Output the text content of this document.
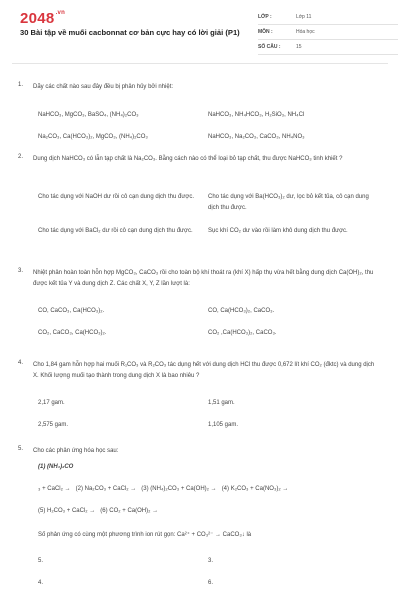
$2048^{.vn}$
30 Bài tập về muối cacbonnat cơ bản cực hay có lời giải (P1)
LỚP :	Lớp 11
MÔN :	Hóa học
SỐ CÂU :	15
1. Dãy các chất nào sau đây đều bị phân hủy bởi nhiệt:
NaHCO₃, MgCO₃, BaSO₄, (NH₄)₂CO₃	NaHCO₃, NH₄HCO₃, H₂SiO₃, NH₄Cl
Na₂CO₃, Ca(HCO₃)₂, MgCO₃, (NH₄)₂CO₃	NaHCO₃, Na₂CO₃, CaCO₃, NH₄NO₃
2. Dung dịch NaHCO₃ có lẫn tạp chất là Na₂CO₃. Bằng cách nào có thể loại bỏ tạp chất, thu được NaHCO₃ tinh khiết ?
Cho tác dụng với NaOH dư rồi cô cạn dung dịch thu được.	Cho tác dụng với Ba(HCO₃)₂ dư, lọc bỏ kết tủa, cô cạn dung dịch thu được.
Cho tác dụng với BaCl₂ dư rồi cô cạn dung dịch thu được.	Sục khí CO₂ dư vào rồi làm khô dung dịch thu được.
3. Nhiệt phân hoàn toàn hỗn hợp MgCO₃, CaCO₃ rồi cho toàn bộ khí thoát ra (khí X) hấp thụ vừa hết bằng dung dịch Ca(OH)₂, thu được kết tủa Y và dung dịch Z. Các chất X, Y, Z lần lượt là:
CO, CaCO₃, Ca(HCO₃)₂.	CO, Ca(HCO₃)₂, CaCO₃.
CO₂, CaCO₃, Ca(HCO₃)₂.	CO₂ ,Ca(HCO₃)₂, CaCO₃.
4. Cho 1,84 gam hỗn hợp hai muối R₁CO₃ và R₂CO₃ tác dụng hết với dung dịch HCl thu được 0,672 lít khí CO₂ (đktc) và dung dịch X. Khối lượng muối tạo thành trong dung dịch X là bao nhiêu ?
2,17 gam.	1,51 gam.
2,575 gam.	1,105 gam.
5. Cho các phản ứng hóa học sau:
(1) (NH₄)₂CO
₃ + CaCl₂ → (2) Na₂CO₃ + CaCl₂ → (3) (NH₄)₂CO₃ + Ca(OH)₂ → (4) K₂CO₃ + Ca(NO₃)₂ →
(5) H₂CO₃ + CaCl₂ → (6) CO₂ + Ca(OH)₂ →
Số phản ứng có cùng một phương trình ion rút gọn: Ca²⁺ + CO₃²⁻ → CaCO₃↓ là
5.	3.
4.	6.
